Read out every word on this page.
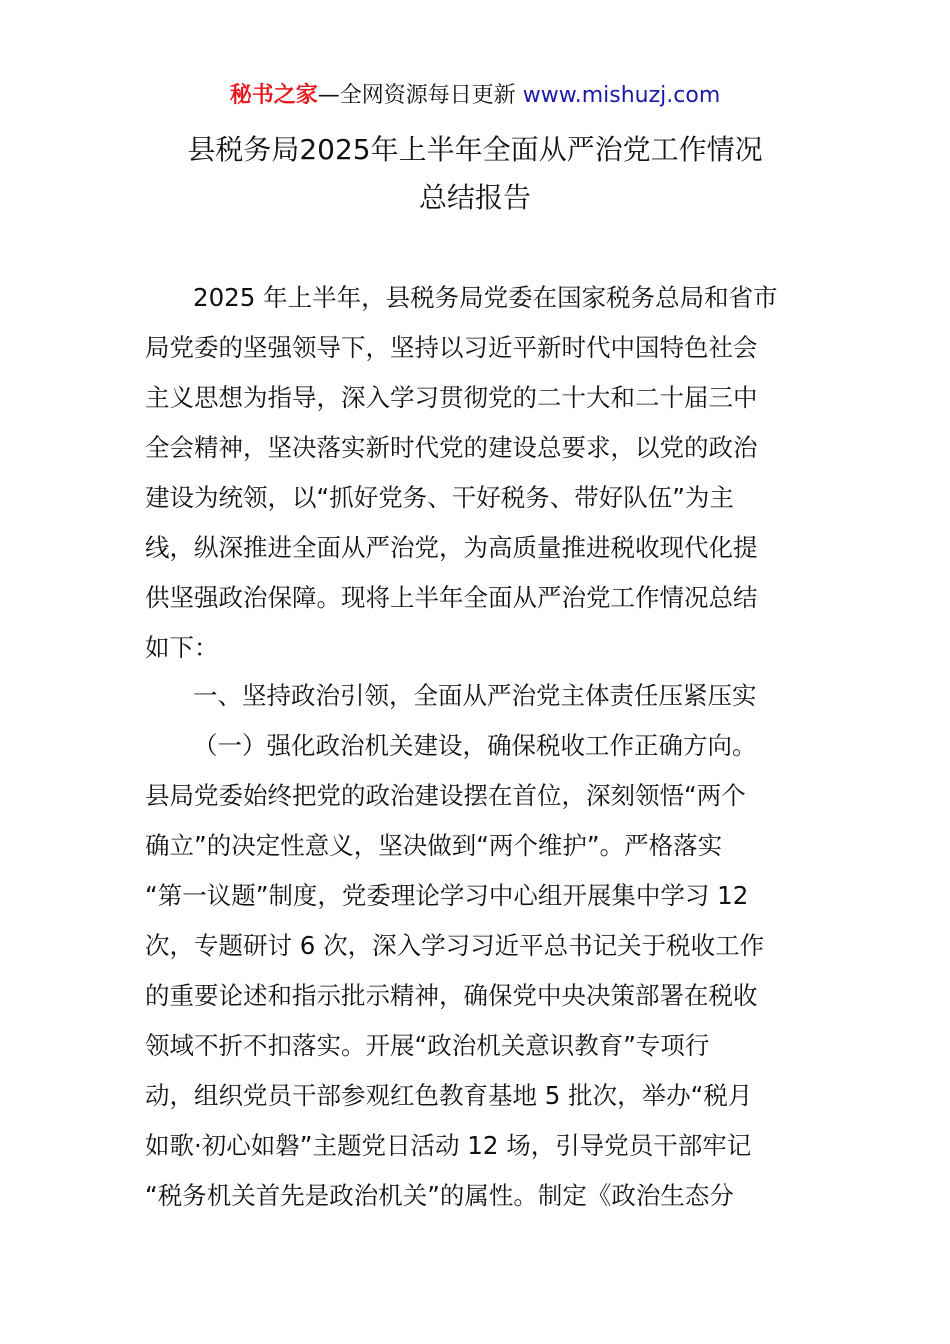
秘书之家—全网资源每日更新 www.mishuzj.com
县税务局2025年上半年全面从严治党工作情况
总结报告
2025 年上半年，县税务局党委在国家税务总局和省市
局党委的坚强领导下，坚持以习近平新时代中国特色社会
主义思想为指导，深入学习贯彻党的二十大和二十届三中
全会精神，坚决落实新时代党的建设总要求，以党的政治
建设为统领，以“抓好党务、干好税务、带好队伍”为主
线，纵深推进全面从严治党，为高质量推进税收现代化提
供坚强政治保障。现将上半年全面从严治党工作情况总结
如下：
一、坚持政治引领，全面从严治党主体责任压紧压实
（一）强化政治机关建设，确保税收工作正确方向。
县局党委始终把党的政治建设摆在首位，深刻领悟“两个
确立”的决定性意义，坚决做到“两个维护”。严格落实
“第一议题”制度，党委理论学习中心组开展集中学习 12
次，专题研讨 6 次，深入学习习近平总书记关于税收工作
的重要论述和指示批示精神，确保党中央决策部署在税收
领域不折不扣落实。开展“政治机关意识教育”专项行
动，组织党员干部参观红色教育基地 5 批次，举办“税月
如歌·初心如磐”主题党日活动 12 场，引导党员干部牢记
“税务机关首先是政治机关”的属性。制定《政治生态分
